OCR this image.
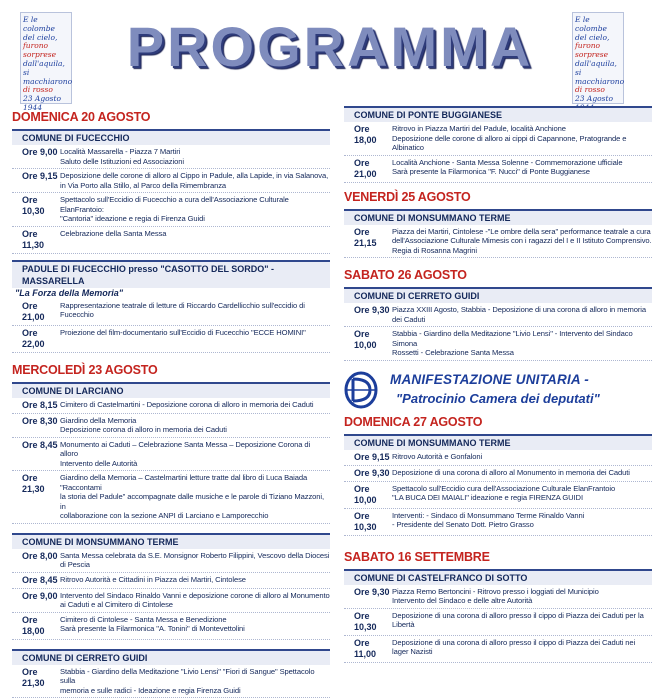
E le colombe
del cielo,
furono sorprese
dall'aquila,
si macchiarono
di rosso
23 Agosto 1944
E le colombe
del cielo,
furono sorprese
dall'aquila,
si macchiarono
di rosso
23 Agosto
PROGRAMMA
DOMENICA 20 AGOSTO
COMUNE DI FUCECCHIO
Ore 9,00 Località Massarella - Piazza 7 Martiri
Saluto delle Istituzioni ed Associazioni
Ore 9,15 Deposizione delle corone di alloro al Cippo in Padule, alla Lapide, in via Salanova,
in Via Porto alla Stillo, al Parco della Rimembranza
Ore 10,30
Spettacolo sull'Eccidio di Fucecchio a cura dell'Associazione Culturale ElanFrantoio:
"Cantoria" ideazione e regia di Firenza Guidi
Ore 11,30
Celebrazione della Santa Messa
PADULE DI FUCECCHIO presso "CASOTTO DEL SORDO" - MASSARELLA
"La Forza della Memoria"
Ore 21,00
Rappresentazione teatrale di letture di Riccardo Cardellicchio sull'eccidio di Fucecchio
Ore 22,00
Proiezione del film-documentario sull'Eccidio di Fucecchio "ECCE HOMINI"
MERCOLEDÌ 23 AGOSTO
COMUNE DI LARCIANO
Ore 8,15 Cimitero di Castelmartini - Deposizione corona di alloro in memoria dei Caduti
Ore 8,30 Giardino della Memoria
Deposizione corona di alloro in memoria dei Caduti
Ore 8,45 Monumento ai Caduti – Celebrazione Santa Messa – Deposizione Corona di alloro
Intervento delle Autorità
Ore 21,30
Giardino della Memoria – Castelmartini letture tratte dal libro di Luca Baiada "Raccontami
la storia del Padule" accompagnate dalle musiche e le parole di Tiziano Mazzoni, in
collaborazione con la sezione ANPI di Larciano e Lamporecchio
COMUNE DI MONSUMMANO TERME
Ore 8,00 Santa Messa celebrata da S.E. Monsignor Roberto Filippini, Vescovo della Diocesi di Pescia
Ore 8,45 Ritrovo Autorità e Cittadini in Piazza dei Martiri, Cintolese
Ore 9,00 Intervento del Sindaco Rinaldo Vanni e deposizione corone di alloro al Monumento
ai Caduti e al Cimitero di Cintolese
Ore 18,00
Cimitero di Cintolese - Santa Messa e Benedizione
Sarà presente la Filarmonica "A. Tonini" di Montevettolini
COMUNE DI CERRETO GUIDI
Ore 21,30
Stabbia - Giardino della Meditazione "Livio Lensi" "Fiori di Sangue" Spettacolo sulla
memoria e sulle radici - Ideazione e regia Firenza Guidi
COMUNE DI PONTE BUGGIANESE
Ore 18,00
Ritrovo in Piazza Martiri del Padule, località Anchione
Deposizione delle corone di alloro ai cippi di Capannone, Pratogrande e Albinatico
Ore 21,00
Località Anchione - Santa Messa Solenne - Commemorazione ufficiale
Sarà presente la Filarmonica "F. Nucci" di Ponte Buggianese
VENERDÌ 25 AGOSTO
COMUNE DI MONSUMMANO TERME
Ore 21,15
Piazza dei Martiri, Cintolese -"Le ombre della sera" performance teatrale a cura
dell'Associazione Culturale Mimesis con i ragazzi del I e II Istituto Comprensivo.
Regia di Rosanna Magrini
SABATO 26 AGOSTO
COMUNE DI CERRETO GUIDI
Ore 9,30 Piazza XXIII Agosto, Stabbia - Deposizione di una corona di alloro in memoria dei Caduti
Ore 10,00
Stabbia - Giardino della Meditazione "Livio Lensi" - Intervento del Sindaco Simona
Rossetti - Celebrazione Santa Messa
MANIFESTAZIONE UNITARIA -
"Patrocinio Camera dei deputati"
DOMENICA 27 AGOSTO
COMUNE DI MONSUMMANO TERME
Ore 9,15 Ritrovo Autorità e Gonfaloni
Ore 9,30 Deposizione di una corona di alloro al Monumento in memoria dei Caduti
Ore 10,00
Spettacolo sull'Eccidio cura dell'Associazione Culturale ElanFrantoio
"LA BUCA DEI MAIALI" ideazione e regia FIRENZA GUIDI
Ore 10,30
Interventi: - Sindaco di Monsummano Terme Rinaldo Vanni
- Presidente del Senato Dott. Pietro Grasso
SABATO 16 SETTEMBRE
COMUNE DI CASTELFRANCO DI SOTTO
Ore 9,30 Piazza Remo Bertoncini - Ritrovo presso i loggiati del Municipio
Intervento del Sindaco e delle altre Autorità
Ore 10,30
Deposizione di una corona di alloro presso il cippo di Piazza dei Caduti per la Libertà
Ore 11,00
Deposizione di una corona di alloro presso il cippo di Piazza dei Caduti nei lager Nazisti
